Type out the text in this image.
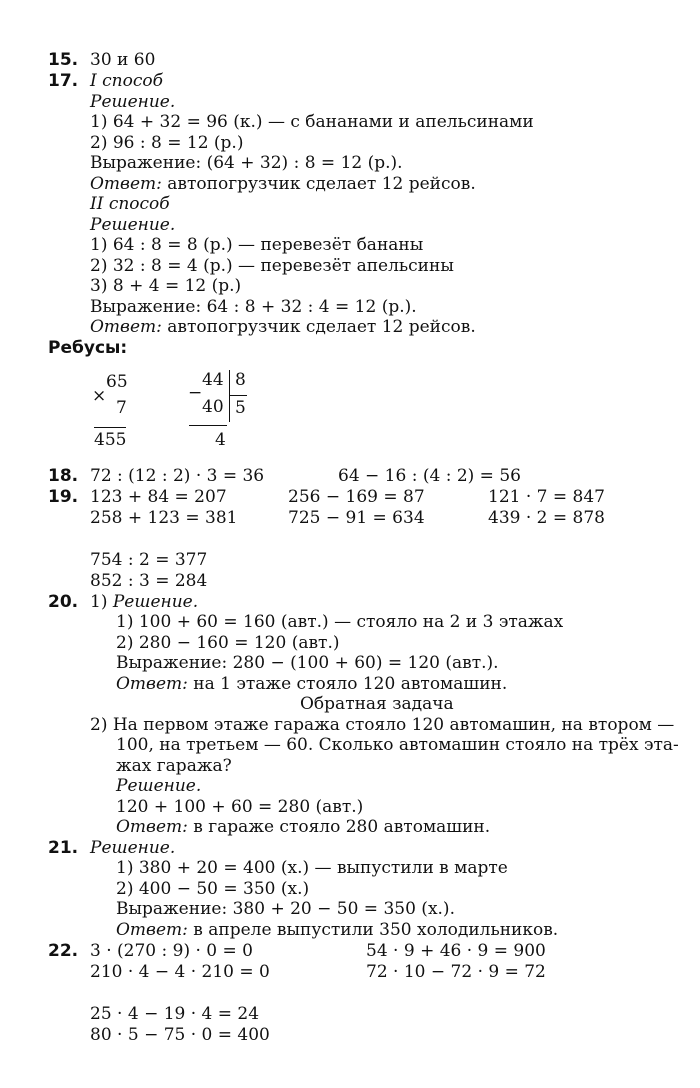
15. 30 и 60
17. I способ
Решение.
1) 64 + 32 = 96 (к.) — с бананами и апельсинами
2) 96 : 8 = 12 (р.)
Выражение: (64 + 32) : 8 = 12 (р.).
Ответ: автопогрузчик сделает 12 рейсов.
II способ
Решение.
1) 64 : 8 = 8 (р.) — перевезёт бананы
2) 32 : 8 = 4 (р.) — перевезёт апельсины
3) 8 + 4 = 12 (р.)
Выражение: 64 : 8 + 32 : 4 = 12 (р.).
Ответ: автопогрузчик сделает 12 рейсов.
Ребусы:
×
65
7
455
−
44 8
40 5
4
18. 72 : (12 : 2) · 3 = 36	64 − 16 : (4 : 2) = 56
19. 123 + 84 = 207	256 − 169 = 87	121 · 7 = 847
258 + 123 = 381	725 − 91 = 634	439 · 2 = 878
754 : 2 = 377
852 : 3 = 284
20. 1) Решение.
1) 100 + 60 = 160 (авт.) — стояло на 2 и 3 этажах
2) 280 − 160 = 120 (авт.)
Выражение: 280 − (100 + 60) = 120 (авт.).
Ответ: на 1 этаже стояло 120 автомашин.
Обратная задача
2) На первом этаже гаража стояло 120 автомашин, на втором —
100, на третьем — 60. Сколько автомашин стояло на трёх эта-
жах гаража?
Решение.
120 + 100 + 60 = 280 (авт.)
Ответ: в гараже стояло 280 автомашин.
21. Решение.
1) 380 + 20 = 400 (х.) — выпустили в марте
2) 400 − 50 = 350 (х.)
Выражение: 380 + 20 − 50 = 350 (х.).
Ответ: в апреле выпустили 350 холодильников.
22. 3 · (270 : 9) · 0 = 0	54 · 9 + 46 · 9 = 900
210 · 4 − 4 · 210 = 0	72 · 10 − 72 · 9 = 72
25 · 4 − 19 · 4 = 24
80 · 5 − 75 · 0 = 400
